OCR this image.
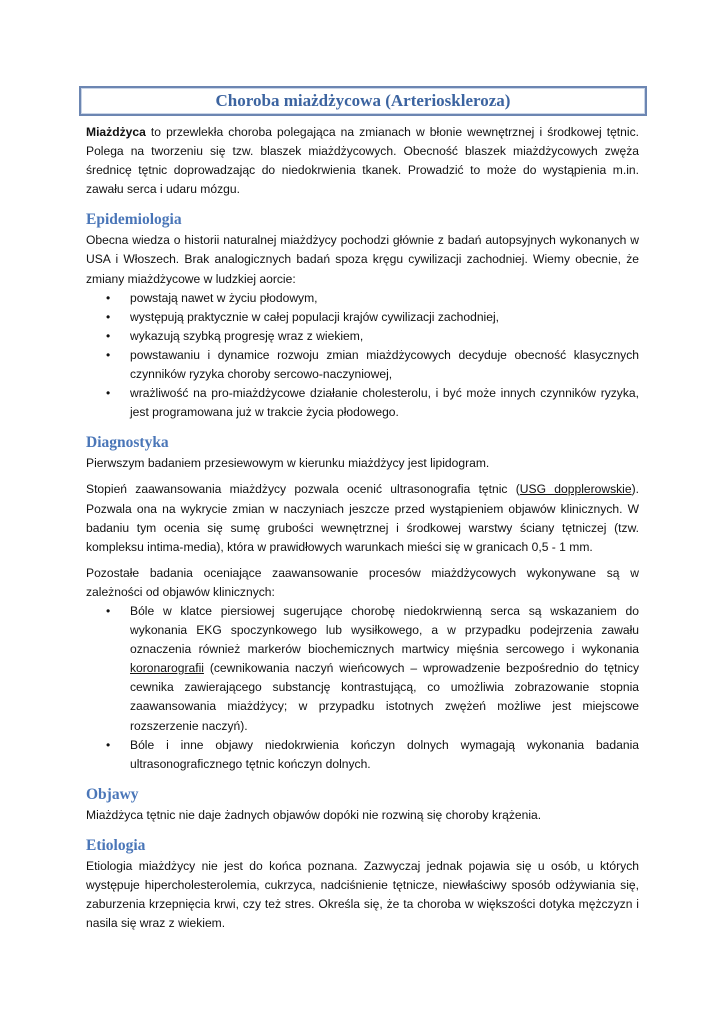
Choroba miażdżycowa (Arterioskleroza)

Miażdżyca to przewlekła choroba polegająca na zmianach w błonie wewnętrznej i środkowej tętnic. Polega na tworzeniu się tzw. blaszek miażdżycowych. Obecność blaszek miażdżycowych zwęża średnicę tętnic doprowadzając do niedokrwienia tkanek. Prowadzić to może do wystąpienia m.in. zawału serca i udaru mózgu.

Epidemiologia

Obecna wiedza o historii naturalnej miażdżycy pochodzi głównie z badań autopsyjnych wykonanych w USA i Włoszech. Brak analogicznych badań spoza kręgu cywilizacji zachodniej. Wiemy obecnie, że zmiany miażdżycowe w ludzkiej aorcie:

• powstają nawet w życiu płodowym,
• występują praktycznie w całej populacji krajów cywilizacji zachodniej,
• wykazują szybką progresję wraz z wiekiem,
• powstawaniu i dynamice rozwoju zmian miażdżycowych decyduje obecność klasycznych czynników ryzyka choroby sercowo-naczyniowej,
• wrażliwość na pro-miażdżycowe działanie cholesterolu, i być może innych czynników ryzyka, jest programowana już w trakcie życia płodowego.
Diagnostyka

Pierwszym badaniem przesiewowym w kierunku miażdżycy jest lipidogram.

Stopień zaawansowania miażdżycy pozwala ocenić ultrasonografia tętnic (USG dopplerowskie). Pozwala ona na wykrycie zmian w naczyniach jeszcze przed wystąpieniem objawów klinicznych. W badaniu tym ocenia się sumę grubości wewnętrznej i środkowej warstwy ściany tętniczej (tzw. kompleksu intima-media), która w prawidłowych warunkach mieści się w granicach 0,5 - 1 mm.

Pozostałe badania oceniające zaawansowanie procesów miażdżycowych wykonywane są w zależności od objawów klinicznych:

• Bóle w klatce piersiowej sugerujące chorobę niedokrwienną serca są wskazaniem do wykonania EKG spoczynkowego lub wysiłkowego, a w przypadku podejrzenia zawału oznaczenia również markerów biochemicznych martwicy mięśnia sercowego i wykonania koronarografii (cewnikowania naczyń wieńcowych – wprowadzenie bezpośrednio do tętnicy cewnika zawierającego substancję kontrastującą, co umożliwia zobrazowanie stopnia zaawansowania miażdżycy; w przypadku istotnych zwężeń możliwe jest miejscowe rozszerzenie naczyń).
• Bóle i inne objawy niedokrwienia kończyn dolnych wymagają wykonania badania ultrasonograficznego tętnic kończyn dolnych.
Objawy

Miażdżyca tętnic nie daje żadnych objawów dopóki nie rozwiną się choroby krążenia.

Etiologia

Etiologia miażdżycy nie jest do końca poznana. Zazwyczaj jednak pojawia się u osób, u których występuje hipercholesterolemia, cukrzyca, nadciśnienie tętnicze, niewłaściwy sposób odżywiania się, zaburzenia krzepnięcia krwi, czy też stres. Określa się, że ta choroba w większości dotyka mężczyzn i nasila się wraz z wiekiem.
